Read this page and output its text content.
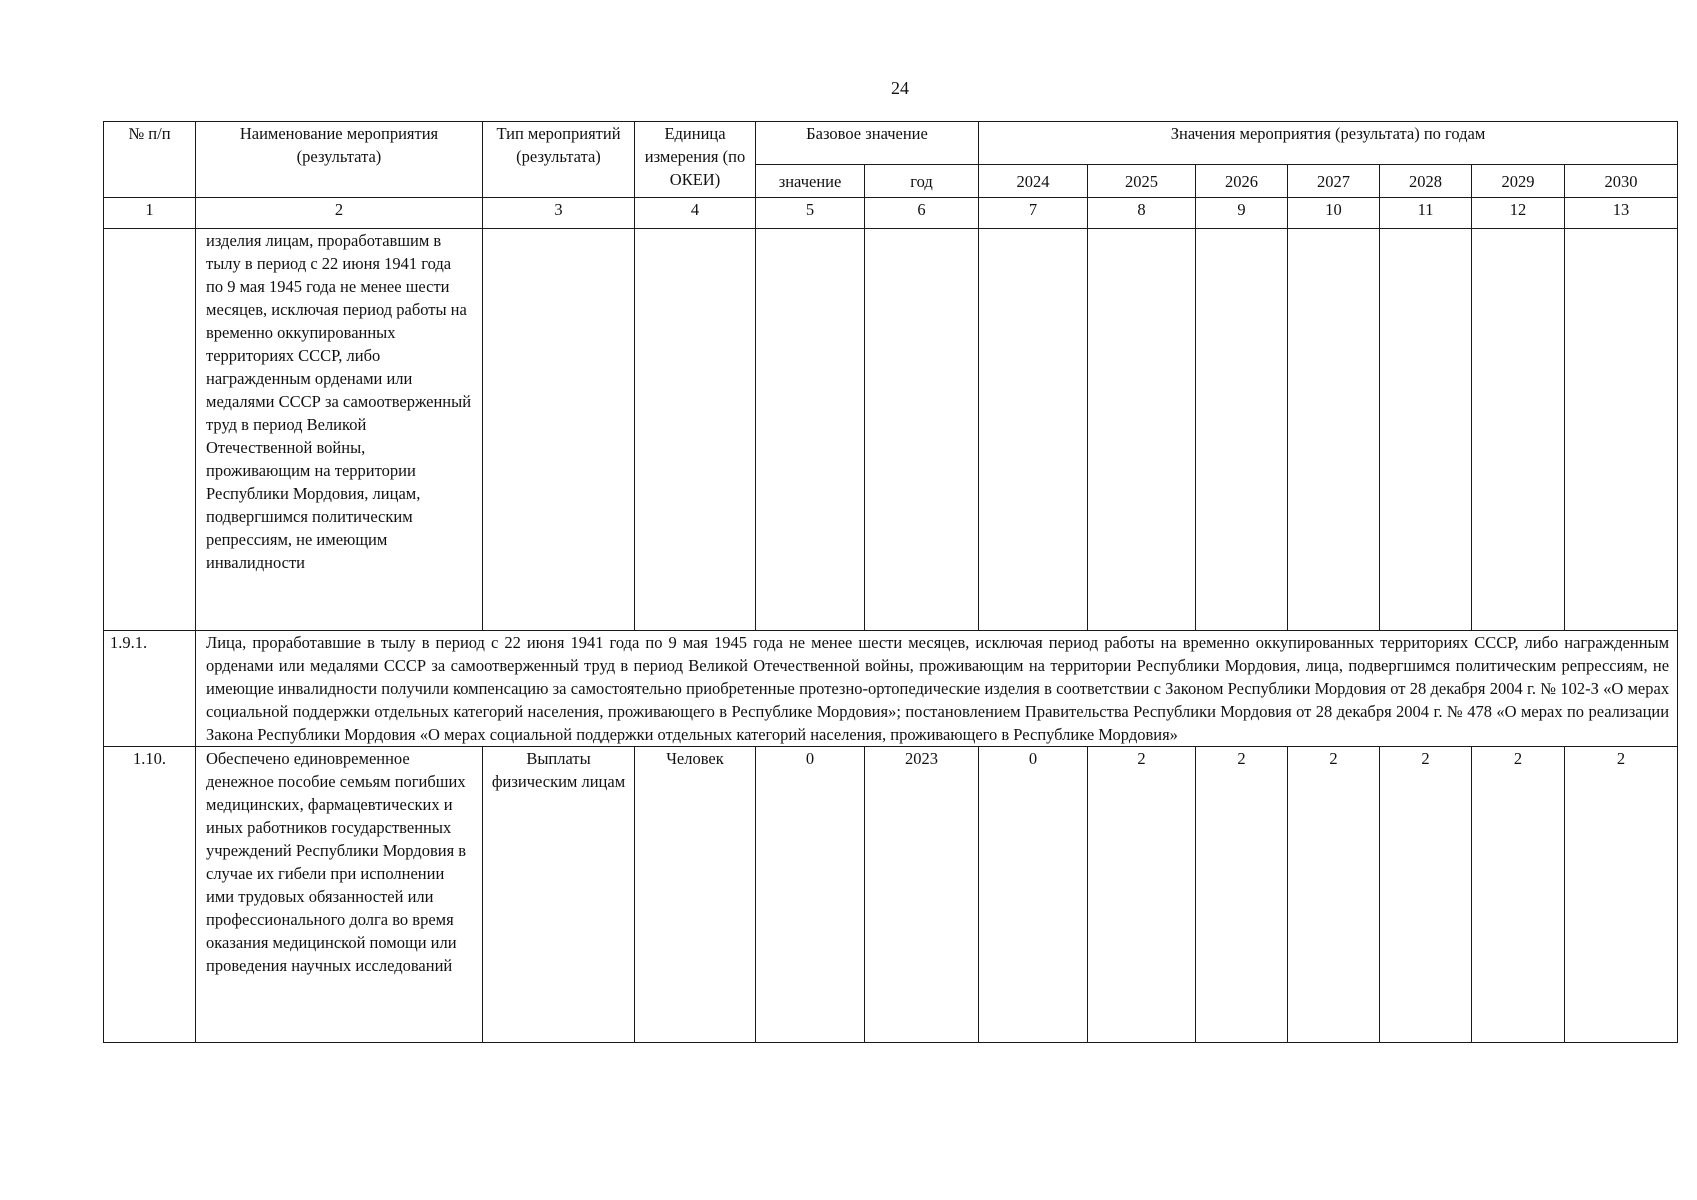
24
№ п/п	Наименование мероприятия (результата)	Тип мероприятий (результата)	Единица измерения (по ОКЕИ)	Базовое значение		Значения мероприятия (результата) по годам						
				значение	год	2024	2025	2026	2027	2028	2029	2030
1	2	3	4	5	6	7	8	9	10	11	12	13
	изделия лицам, проработавшим в тылу в период с 22 июня 1941 года по 9 мая 1945 года не менее шести месяцев, исключая период работы на временно оккупированных территориях СССР, либо награжденным орденами или медалями СССР за самоотверженный труд в период Великой Отечественной войны, проживающим на территории Республики Мордовия, лицам, подвергшимся политическим репрессиям, не имеющим инвалидности											
1.9.1.	Лица, проработавшие в тылу в период с 22 июня 1941 года по 9 мая 1945 года не менее шести месяцев, исключая период работы на временно оккупированных территориях СССР, либо награжденным орденами или медалями СССР за самоотверженный труд в период Великой Отечественной войны, проживающим на территории Республики Мордовия, лица, подвергшимся политическим репрессиям, не имеющие инвалидности получили компенсацию за самостоятельно приобретенные протезно-ортопедические изделия в соответствии с Законом Республики Мордовия от 28 декабря 2004 г. № 102-З «О мерах социальной поддержки отдельных категорий населения, проживающего в Республике Мордовия»; постановлением Правительства Республики Мордовия от 28 декабря 2004 г. № 478 «О мерах по реализации Закона Республики Мордовия «О мерах социальной поддержки отдельных категорий населения, проживающего в Республике Мордовия»											
1.10.	Обеспечено единовременное денежное пособие семьям погибших медицинских, фармацевтических и иных работников государственных учреждений Республики Мордовия в случае их гибели при исполнении ими трудовых обязанностей или профессионального долга во время оказания медицинской помощи или проведения научных исследований	Выплаты физическим лицам	Человек	0	2023	0	2	2	2	2	2	2
